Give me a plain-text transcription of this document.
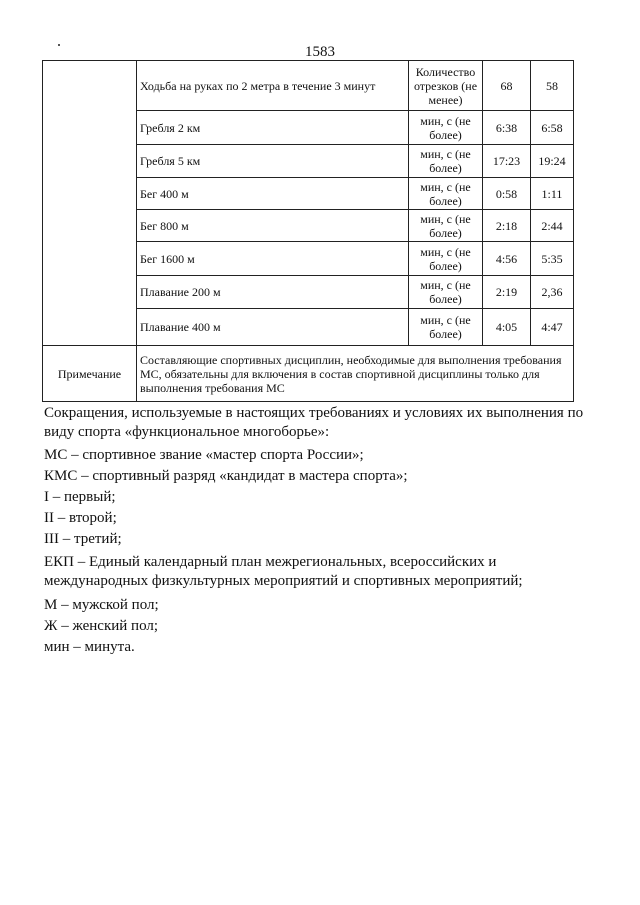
1583
	Ходьба на руках по 2 метра в течение 3 минут	Количество отрезков (не менее)	68	58
	Гребля 2 км	мин, с (не более)	6:38	6:58
	Гребля 5 км	мин, с (не более)	17:23	19:24
	Бег 400 м	мин, с (не более)	0:58	1:11
	Бег 800 м	мин, с (не более)	2:18	2:44
	Бег 1600 м	мин, с (не более)	4:56	5:35
	Плавание 200 м	мин, с (не более)	2:19	2,36
	Плавание 400 м	мин, с (не более)	4:05	4:47
Примечание	Составляющие спортивных дисциплин, необходимые для выполнения требования МС, обязательны для включения в состав спортивной дисциплины только для выполнения требования МС			

Сокращения, используемые в настоящих требованиях и условиях их выполнения по виду спорта «функциональное многоборье»:

МС – спортивное звание «мастер спорта России»;

КМС – спортивный разряд «кандидат в мастера спорта»;

I – первый;

II – второй;

III – третий;

ЕКП – Единый календарный план межрегиональных, всероссийских и международных физкультурных мероприятий и спортивных мероприятий;

М – мужской пол;

Ж – женский пол;

мин – минута.
